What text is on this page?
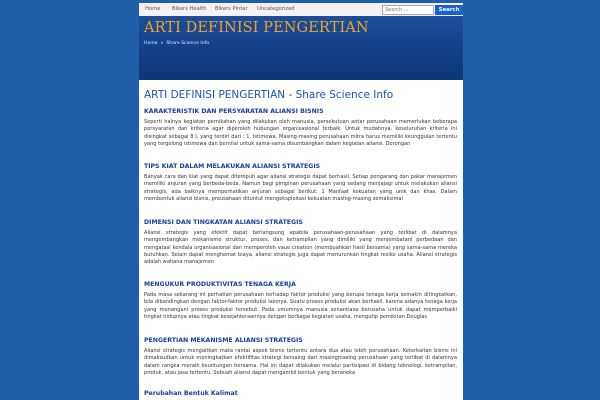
Home Bikers Health Bikers Pintar Uncategorized
Search ...	Search
ARTI DEFINISI PENGERTIAN
Home » Share Science Info
ARTI DEFINISI PENGERTIAN - Share Science Info
KARAKTERISTIK DAN PERSYARATAN ALIANSI BISNIS

Seperti halnya kegiatan pernikahan yang dilakukan oleh manusia, persekutuan antar perusahaan memerlukan beberapa persyaratan dan kriteria agar diperoleh hubungan organisasional terbaik. Untuk mudahnya, keseluruhan kriteria ini disingkat sebagai 8 I, yang terdiri dari : 1. Istimewa. Masing-masing perusahaan mitra harus memiliki keunggulan tertentu yang tergolong istimewa dan bernilai untuk sama-sama disumbangkan dalam kegiatan aliansi. Dorongan

TIPS KIAT DALAM MELAKUKAN ALIANSI STRATEGIS

Banyak cara dan kiat yang dapat ditempuh agar aliansi strategis dapat berhasil. Setiap pengarang dan pakar manajemen memiliki anjuran yang berbeda-beda. Namun bagi pimpinan perusahaan yang sedang menjajagi untuk melakukan aliansi strategis, ada baiknya memperhatikan anjuran sebagai berikut: 1 Manfaat kekuatan yang unik dan khas. Dalam membentuk aliansi bisnis, preusahaan dituntut mengeksploitasi kekuatan masing-masing semaksimal

DIMENSI DAN TINGKATAN ALIANSI STRATEGIS

Aliansi strategis yang efektif dapat berlangsung apabila perusahaan-perusahaan yang terlibat di dalamnya mengembangkan mekanisme struktur, proses, dan ketrampilan yang dimiliki yang menjembatani perbedaan dan mengatasi kendala organisasional dan memperoleh vaue creation (membuahkan hasil bersama) yang sama-sama mereka butuhkan. Selain dapat menghemat biaya, aliansi strategis juga dapat menurunkan tingkat resiko usaha. Aliansi strategis adalah wahana manajemen

MENGUKUR PRODUKTIVITAS TENAGA KERJA

Pada masa sekarang ini perhatian perusahaan terhadap faktor produksi yang berupa tenaga kerja semakin ditingkatkan, bila dibandingkan dengan faktor-faktor produksi lainnya. Suatu proses produksi akan berhasil, karena adanya tenaga kerja yang menangani proses produksi tersebut. Pada umumnya manusia senantiasa berusaha untuk dapat memperbaiki tingkat hidupnya atau tingkat kesejahteraannya dengan berbagai kegiatan usaha, mengutip pemikiran Douglas

PENGERTIAN MEKANISME ALIANSI STRATEGIS

Aliansi strategis mengaitkan mata rantai aspek bisnis tertentu antara dua atau lebih perusahaan. Keterkaitan bisnis ini dimaksudkan untuk meningkatkan efektifitas strategi bersaing dari masingmasing perusahaan yang terlibat di dalamnya dalam rangka meraih keuntungan bersama. Hal ini dapat dilakukan melalui partisipasi di bidang teknologi, ketrampilan, produk, atau jasa tertentu. Sebuah aliansi dapat mengambil bentuk yang beraneka

Perubahan Bentuk Kalimat
